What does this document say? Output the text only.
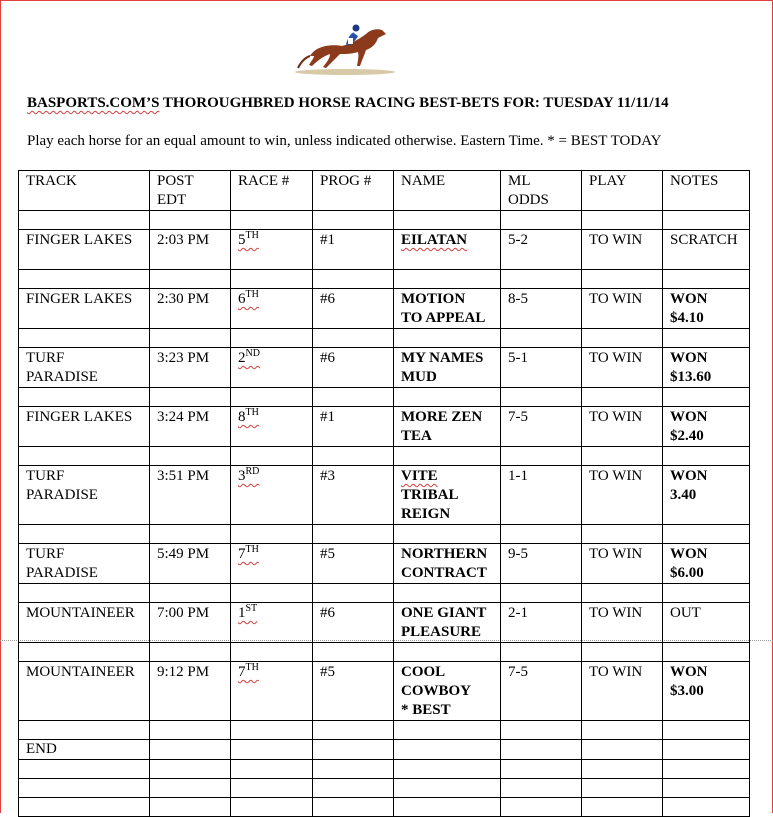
BASPORTS.COM’S THOROUGHBRED HORSE RACING BEST-BETS FOR: TUESDAY 11/11/14
Play each horse for an equal amount to win, unless indicated otherwise. Eastern Time. * = BEST TODAY
TRACK	POST
EDT	RACE #	PROG #	NAME	ML
ODDS	PLAY	NOTES

FINGER LAKES	2:03 PM	5TH	#1	EILATAN	5-2	TO WIN	SCRATCH

FINGER LAKES	2:30 PM	6TH	#6	MOTION
TO APPEAL	8-5	TO WIN	WON
$4.10

TURF
PARADISE	3:23 PM	2ND	#6	MY NAMES
MUD	5-1	TO WIN	WON
$13.60

FINGER LAKES	3:24 PM	8TH	#1	MORE ZEN
TEA	7-5	TO WIN	WON
$2.40

TURF
PARADISE	3:51 PM	3RD	#3	VITE
TRIBAL
REIGN	1-1	TO WIN	WON
3.40

TURF
PARADISE	5:49 PM	7TH	#5	NORTHERN
CONTRACT	9-5	TO WIN	WON
$6.00

MOUNTAINEER	7:00 PM	1ST	#6	ONE GIANT
PLEASURE	2-1	TO WIN	OUT

MOUNTAINEER	9:12 PM	7TH	#5	COOL
COWBOY
* BEST	7-5	TO WIN	WON
$3.00

END							
